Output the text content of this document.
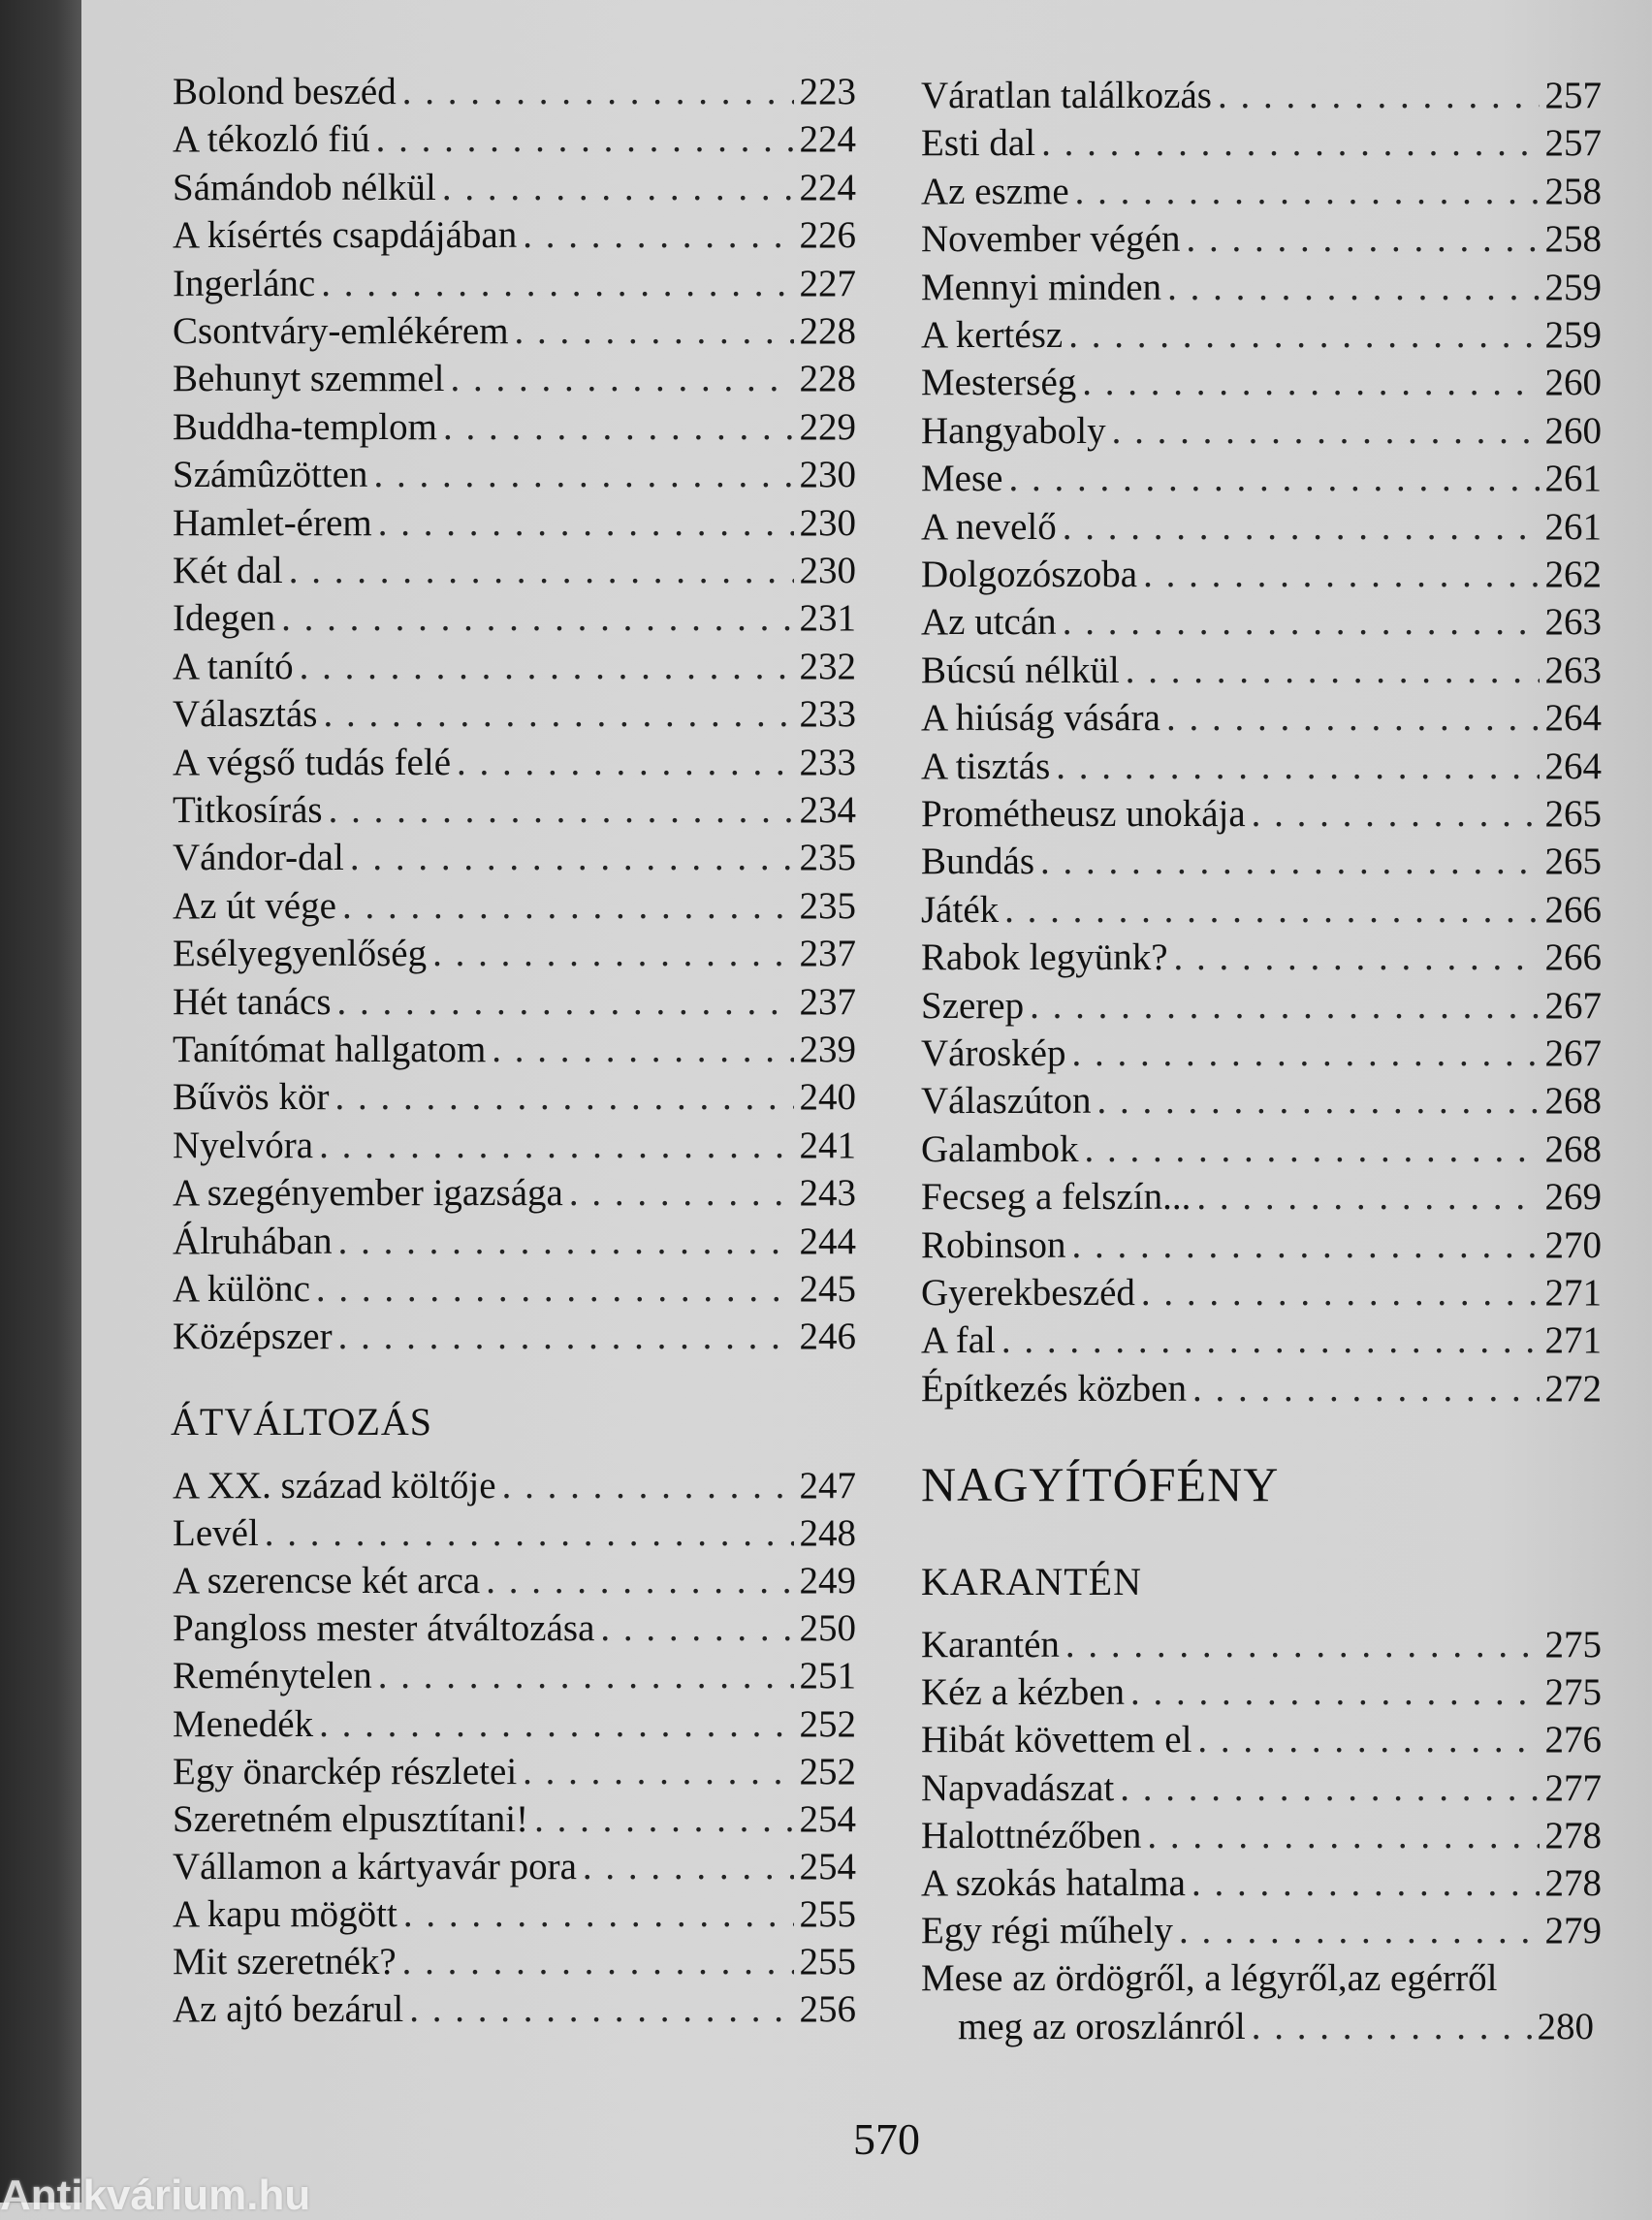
Bolond beszéd . . .	223
A tékozló fiú . . .	224
Sámándob nélkül . . .	224
A kísértés csapdájában . . .	226
Ingerlánc . . .	227
Csontváry-emlékérem . . .	228
Behunyt szemmel . . .	228
Buddha-templom . . .	229
Számûzötten . . .	230
Hamlet-érem . . .	230
Két dal . . .	230
Idegen . . .	231
A tanító . . .	232
Választás . . .	233
A végső tudás felé . . .	233
Titkosírás . . .	234
Vándor-dal . . .	235
Az út vége . . .	235
Esélyegyenlőség . . .	237
Hét tanács . . .	237
Tanítómat hallgatom . . .	239
Bűvös kör . . .	240
Nyelvóra . . .	241
A szegényember igazsága . . .	243
Álruhában . . .	244
A különc . . .	245
Középszer . . .	246
A XX. század költője . . .	247
Levél . . .	248
A szerencse két arca . . .	249
Pangloss mester átváltozása . . .	250
Reménytelen . . .	251
Menedék . . .	252
Egy önarckép részletei . . .	252
Szeretném elpusztítani! . . .	254
Vállamon a kártyavár pora . . .	254
A kapu mögött . . .	255
Mit szeretnék? . . .	255
Az ajtó bezárul . . .	256
ÁTVÁLTOZÁS
Váratlan találkozás . . .	257
Esti dal . . .	257
Az eszme . . .	258
November végén . . .	258
Mennyi minden . . .	259
A kertész . . .	259
Mesterség . . .	260
Hangyaboly . . .	260
Mese . . .	261
A nevelő . . .	261
Dolgozószoba . . .	262
Az utcán . . .	263
Búcsú nélkül . . .	263
A hiúság vására . . .	264
A tisztás . . .	264
Prométheusz unokája . . .	265
Bundás . . .	265
Játék . . .	266
Rabok legyünk? . . .	266
Szerep . . .	267
Városkép . . .	267
Válaszúton . . .	268
Galambok . . .	268
Fecseg a felszín... . . .	269
Robinson . . .	270
Gyerekbeszéd . . .	271
A fal . . .	271
Építkezés közben . . .	272
Karantén . . .	275
Kéz a kézben . . .	275
Hibát követtem el . . .	276
Napvadászat . . .	277
Halottnézőben . . .	278
A szokás hatalma . . .	278
Egy régi műhely . . .	279
Mese az ördögről, a légyről,az egérről
meg az oroszlánról . . .	280
NAGYÍTÓFÉNY
KARANTÉN
570
Antikvárium.hu
